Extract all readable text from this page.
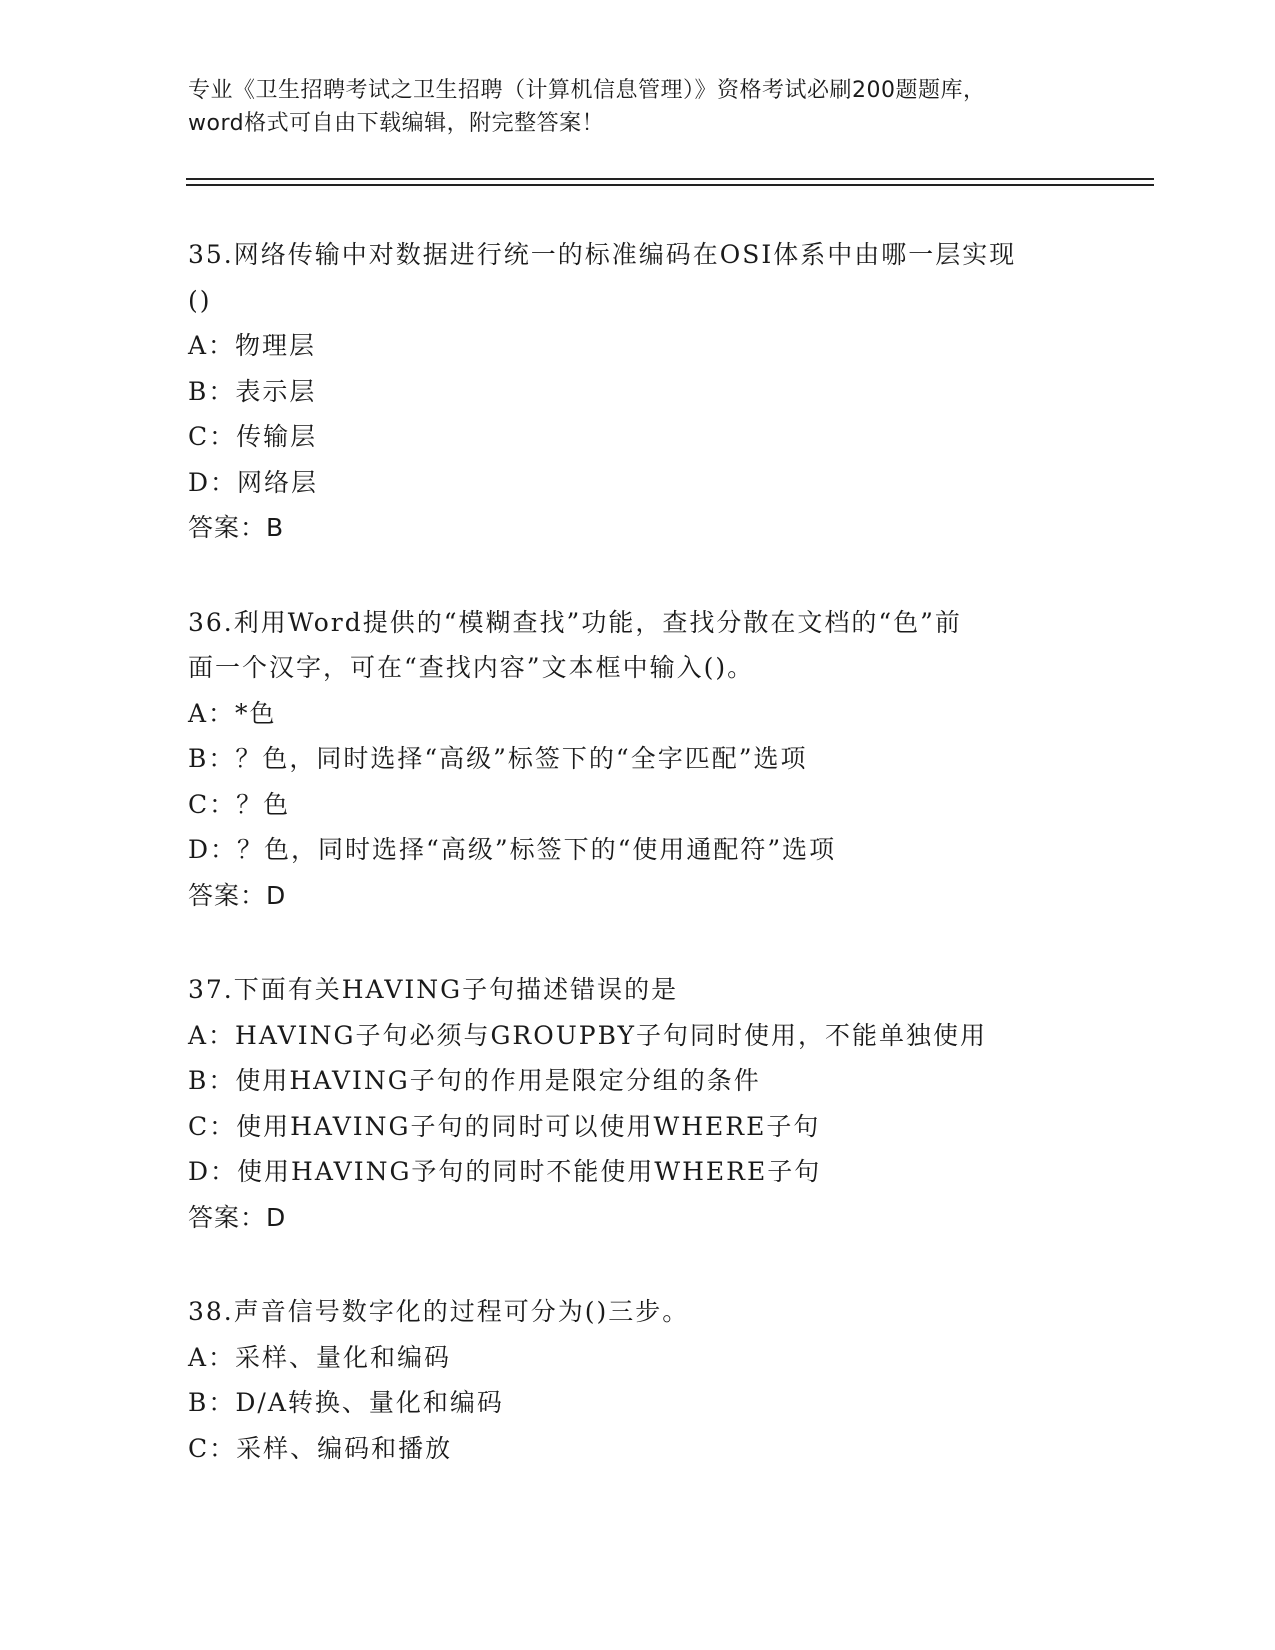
专业《卫生招聘考试之卫生招聘（计算机信息管理）》资格考试必刷200题题库，
word格式可自由下载编辑，附完整答案！
35.网络传输中对数据进行统一的标准编码在OSI体系中由哪一层实现
()
A：物理层
B：表示层
C：传输层
D：网络层
答案：B
36.利用Word提供的“模糊查找”功能，查找分散在文档的“色”前
面一个汉字，可在“查找内容”文本框中输入()。
A：*色
B：？色，同时选择“高级”标签下的“全字匹配”选项
C：？色
D：？色，同时选择“高级”标签下的“使用通配符”选项
答案：D
37.下面有关HAVING子句描述错误的是
A：HAVING子句必须与GROUPBY子句同时使用，不能单独使用
B：使用HAVING子句的作用是限定分组的条件
C：使用HAVING子句的同时可以使用WHERE子句
D：使用HAVING予句的同时不能使用WHERE子句
答案：D
38.声音信号数字化的过程可分为()三步。
A：采样、量化和编码
B：D/A转换、量化和编码
C：采样、编码和播放
